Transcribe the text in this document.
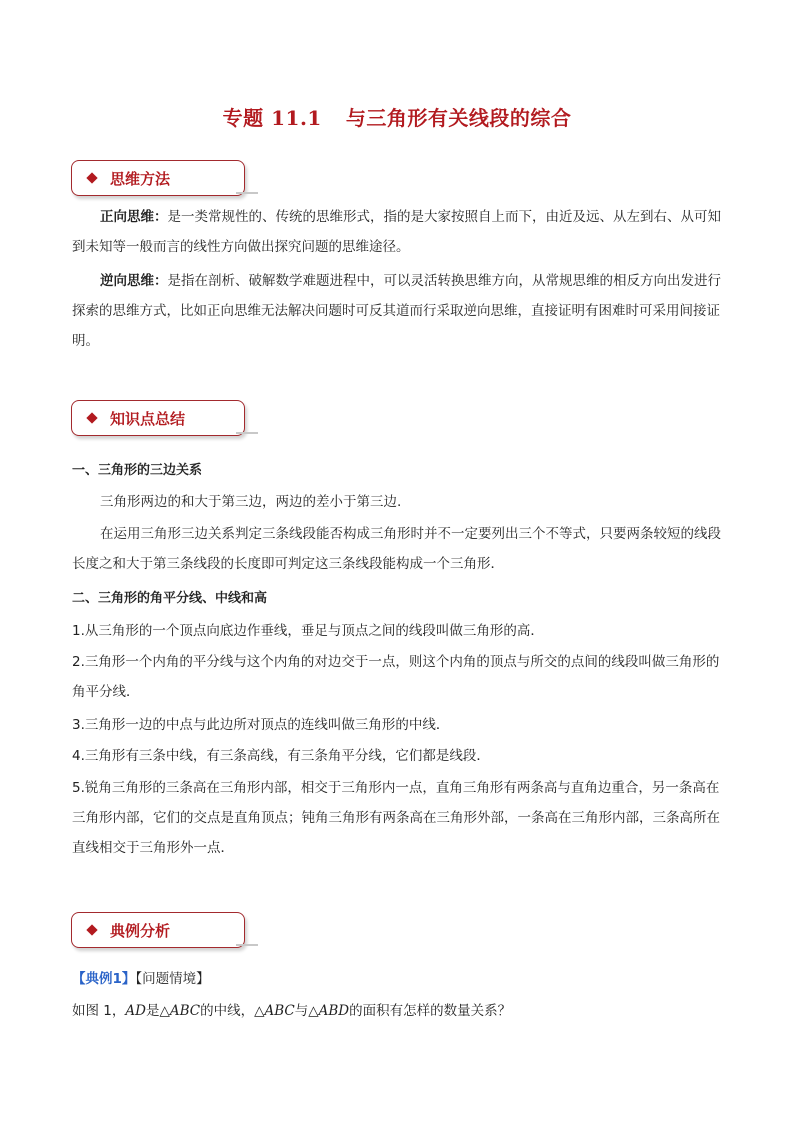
专题 11.1 与三角形有关线段的综合
思维方法

正向思维：是一类常规性的、传统的思维形式，指的是大家按照自上而下，由近及远、从左到右、从可知到未知等一般而言的线性方向做出探究问题的思维途径。

逆向思维：是指在剖析、破解数学难题进程中，可以灵活转换思维方向，从常规思维的相反方向出发进行探索的思维方式，比如正向思维无法解决问题时可反其道而行采取逆向思维，直接证明有困难时可采用间接证明。

知识点总结

一、三角形的三边关系

三角形两边的和大于第三边，两边的差小于第三边.

在运用三角形三边关系判定三条线段能否构成三角形时并不一定要列出三个不等式，只要两条较短的线段长度之和大于第三条线段的长度即可判定这三条线段能构成一个三角形．

二、三角形的角平分线、中线和高

1.从三角形的一个顶点向底边作垂线，垂足与顶点之间的线段叫做三角形的高．

2.三角形一个内角的平分线与这个内角的对边交于一点，则这个内角的顶点与所交的点间的线段叫做三角形的角平分线．

3.三角形一边的中点与此边所对顶点的连线叫做三角形的中线．

4.三角形有三条中线，有三条高线，有三条角平分线，它们都是线段．

5.锐角三角形的三条高在三角形内部，相交于三角形内一点，直角三角形有两条高与直角边重合，另一条高在三角形内部，它们的交点是直角顶点；钝角三角形有两条高在三角形外部，一条高在三角形内部，三条高所在直线相交于三角形外一点．

典例分析

【典例1】【问题情境】

如图 1，AD是△ABC的中线，△ABC与△ABD的面积有怎样的数量关系？
